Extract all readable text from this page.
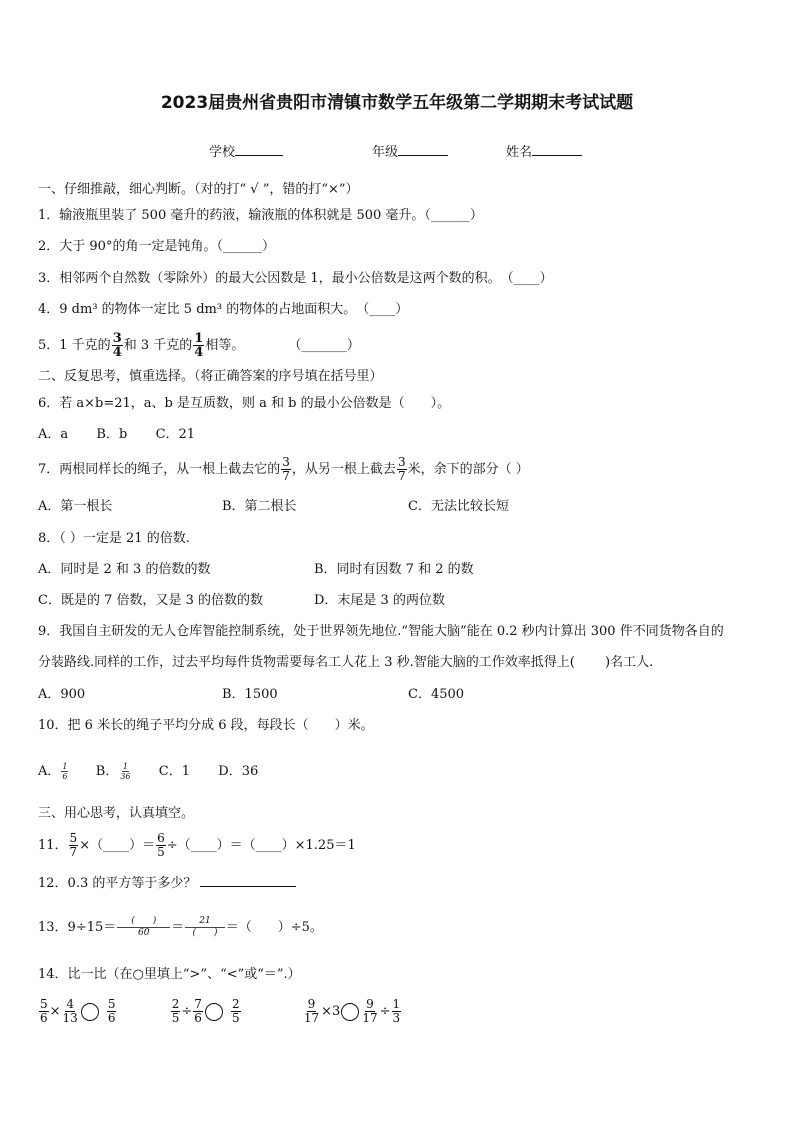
2023届贵州省贵阳市清镇市数学五年级第二学期期末考试试题
学校	年级	姓名
一、仔细推敲，细心判断。（对的打“ √ ”，错的打“×”）
1．输液瓶里装了 500 毫升的药液，输液瓶的体积就是 500 毫升。（______）
2．大于 90°的角一定是钝角。（______）
3．相邻两个自然数（零除外）的最大公因数是 1，最小公倍数是这两个数的积。　（____）
4．9 dm³ 的物体一定比 5 dm³ 的物体的占地面积大。　（____）
5．1 千克的 $\frac{3}{4}$ 和 3 千克的 $\frac{1}{4}$ 相等。	（_______）
二、反复思考，慎重选择。（将正确答案的序号填在括号里）
6．若 a×b=21，a、b 是互质数，则 a 和 b 的最小公倍数是（　　）。
A．a B．b C．21
7．两根同样长的绳子，从一根上截去它的 $\frac{3}{7}$ ，从另一根上截去 $\frac{3}{7}$ 米，余下的部分（ ）
A．第一根长	B．第二根长	C．无法比较长短
8．（ ）一定是 21 的倍数.
A．同时是 2 和 3 的倍数的数	B．同时有因数 7 和 2 的数
C．既是的 7 倍数，又是 3 的倍数的数	D．末尾是 3 的两位数
9．我国自主研发的无人仓库智能控制系统，处于世界领先地位.“智能大脑”能在 0.2 秒内计算出 300 件不同货物各自的
分装路线.同样的工作，过去平均每件货物需要每名工人花上 3 秒.智能大脑的工作效率抵得上(　　 )名工人.
A．900	B．1500	C．4500
10．把 6 米长的绳子平均分成 6 段，每段长（　　）米。
A． $\frac{1}{6}$ B． $\frac{1}{36}$ C．1 D．36
三、用心思考，认真填空。
11． $\frac{5}{7}$ ×（____）＝ $\frac{6}{5}$ ÷（____）＝（____）×1.25＝1
12．0.3 的平方等于多少？
13．$9\div 15= \frac{( )}{60} = \frac{21}{( )}$ ＝（　　）÷5。
14．比一比（在○里填上“>”、“<”或“＝”.）
$\frac{5}{6} \times \frac{4}{13} \frac{5}{6}$
	$\frac{2}{5} \div \frac{7}{6} \frac{2}{5}$
	$\frac{9}{17} \times 3 \frac{9}{17} \div \frac{1}{3}$
